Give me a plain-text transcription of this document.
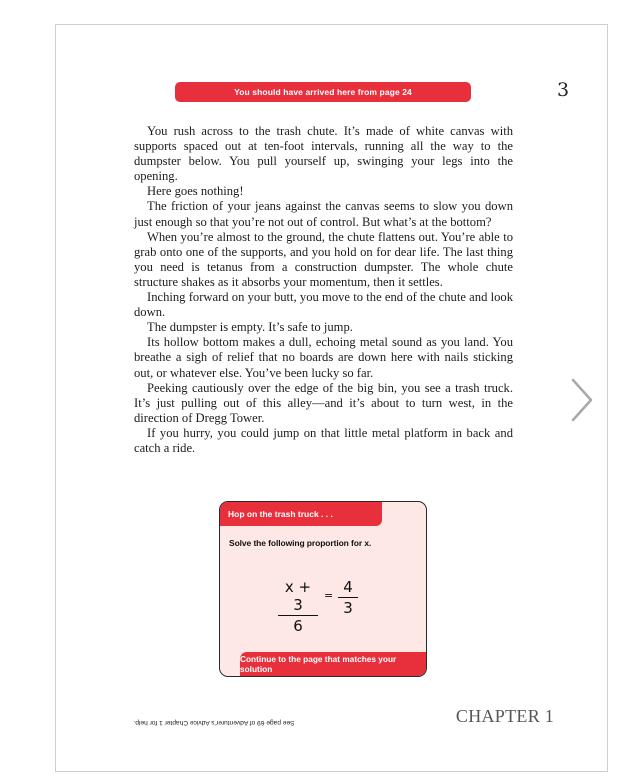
You should have arrived here from page 24	3

You rush across to the trash chute. It’s made of white canvas with supports spaced out at ten-foot intervals, running all the way to the dumpster below. You pull yourself up, swinging your legs into the opening.

Here goes nothing!

The friction of your jeans against the canvas seems to slow you down just enough so that you’re not out of control. But what’s at the bottom?

When you’re almost to the ground, the chute flattens out. You’re able to grab onto one of the supports, and you hold on for dear life. The last thing you need is tetanus from a construction dumpster. The whole chute structure shakes as it absorbs your momentum, then it settles.

Inching forward on your butt, you move to the end of the chute and look down.

The dumpster is empty. It’s safe to jump.

Its hollow bottom makes a dull, echoing metal sound as you land. You breathe a sigh of relief that no boards are down here with nails sticking out, or whatever else. You’ve been lucky so far.

Peeking cautiously over the edge of the big bin, you see a trash truck. It’s just pulling out of this alley—and it’s about to turn west, in the direction of Dregg Tower.

If you hurry, you could jump on that little metal platform in back and catch a ride.

Hop on the trash truck . . .
Solve the following proportion for x.
x + 3
6
= 4
3
Continue to the page that matches your solution
See page 69 of Adventurer’s Advice Chapter 1 for help.	CHAPTER 1
